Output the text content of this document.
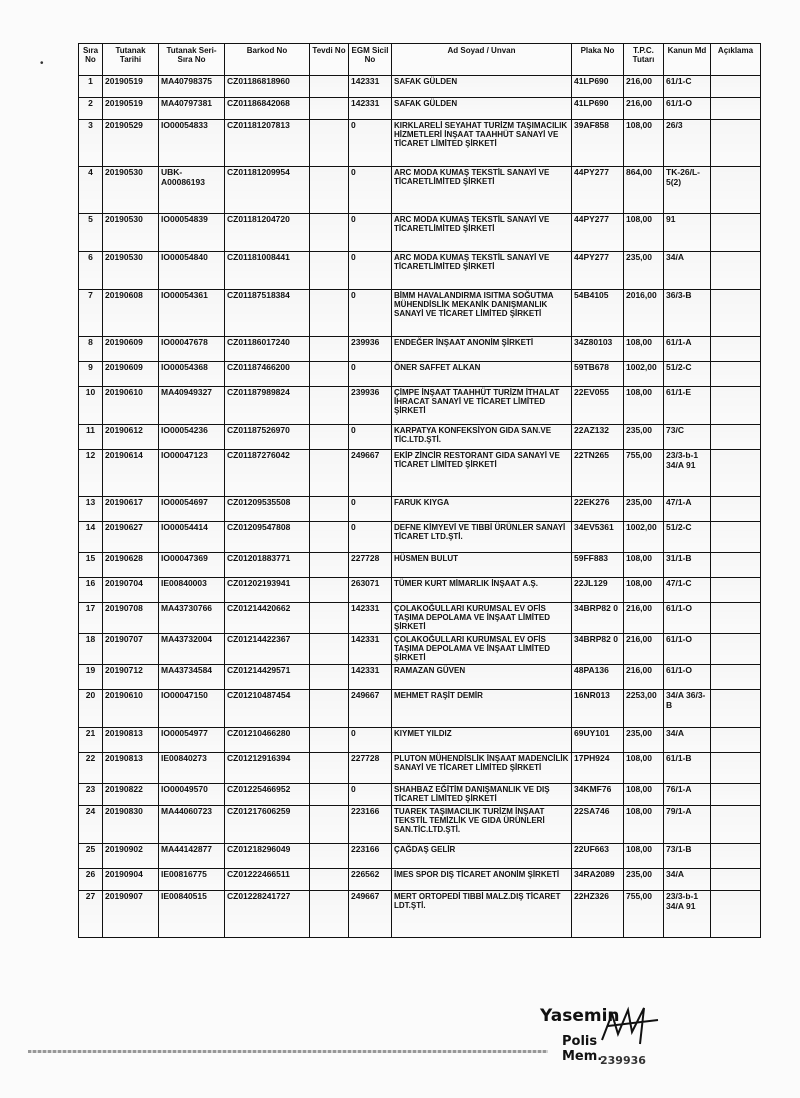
•
Sıra No	Tutanak Tarihi	Tutanak Seri-Sıra No	Barkod No	Tevdi No	EGM Sicil No	Ad Soyad / Unvan	Plaka No	T.P.C. Tutarı	Kanun Md	Açıklama
1	20190519	MA40798375	CZ01186818960		142331	SAFAK GÜLDEN	41LP690	216,00	61/1-C	
2	20190519	MA40797381	CZ01186842068		142331	SAFAK GÜLDEN	41LP690	216,00	61/1-O	
3	20190529	IO00054833	CZ01181207813		0	KIRKLARELİ SEYAHAT TURİZM TAŞIMACILIK HİZMETLERİ İNŞAAT TAAHHÜT SANAYİ VE TİCARET LİMİTED ŞİRKETİ	39AF858	108,00	26/3	
4	20190530	UBK-A00086193	CZ01181209954		0	ARC MODA KUMAŞ TEKSTİL SANAYİ VE TİCARETLİMİTED ŞİRKETİ	44PY277	864,00	TK-26/L-5(2)	
5	20190530	IO00054839	CZ01181204720		0	ARC MODA KUMAŞ TEKSTİL SANAYİ VE TİCARETLİMİTED ŞİRKETİ	44PY277	108,00	91	
6	20190530	IO00054840	CZ01181008441		0	ARC MODA KUMAŞ TEKSTİL SANAYİ VE TİCARETLİMİTED ŞİRKETİ	44PY277	235,00	34/A	
7	20190608	IO00054361	CZ01187518384		0	BİMM HAVALANDIRMA ISITMA SOĞUTMA MÜHENDİSLİK MEKANİK DANIŞMANLIK SANAYİ VE TİCARET LİMİTED ŞİRKETİ	54B4105	2016,00	36/3-B	
8	20190609	IO00047678	CZ01186017240		239936	ENDEĞER İNŞAAT ANONİM ŞİRKETİ	34Z80103	108,00	61/1-A	
9	20190609	IO00054368	CZ01187466200		0	ÖNER SAFFET ALKAN	59TB678	1002,00	51/2-C	
10	20190610	MA40949327	CZ01187989824		239936	ÇİMPE İNŞAAT TAAHHÜT TURİZM İTHALAT İHRACAT SANAYİ VE TİCARET LİMİTED ŞİRKETİ	22EV055	108,00	61/1-E	
11	20190612	IO00054236	CZ01187526970		0	KARPATYA KONFEKSİYON GIDA SAN.VE TİC.LTD.ŞTİ.	22AZ132	235,00	73/C	
12	20190614	IO00047123	CZ01187276042		249667	EKİP ZİNCİR RESTORANT GIDA SANAYİ VE TİCARET LİMİTED ŞİRKETİ	22TN265	755,00	23/3-b-1 34/A 91	
13	20190617	IO00054697	CZ01209535508		0	FARUK KIYGA	22EK276	235,00	47/1-A	
14	20190627	IO00054414	CZ01209547808		0	DEFNE KİMYEVİ VE TIBBİ ÜRÜNLER SANAYİ TİCARET LTD.ŞTİ.	34EV5361	1002,00	51/2-C	
15	20190628	IO00047369	CZ01201883771		227728	HÜSMEN BULUT	59FF883	108,00	31/1-B	
16	20190704	IE00840003	CZ01202193941		263071	TÜMER KURT MİMARLIK İNŞAAT A.Ş.	22JL129	108,00	47/1-C	
17	20190708	MA43730766	CZ01214420662		142331	ÇOLAKOĞULLARI KURUMSAL EV OFİS TAŞIMA DEPOLAMA VE İNŞAAT LİMİTED ŞİRKETİ	34BRP82 0	216,00	61/1-O	
18	20190707	MA43732004	CZ01214422367		142331	ÇOLAKOĞULLARI KURUMSAL EV OFİS TAŞIMA DEPOLAMA VE İNŞAAT LİMİTED ŞİRKETİ	34BRP82 0	216,00	61/1-O	
19	20190712	MA43734584	CZ01214429571		142331	RAMAZAN GÜVEN	48PA136	216,00	61/1-O	
20	20190610	IO00047150	CZ01210487454		249667	MEHMET RAŞİT DEMİR	16NR013	2253,00	34/A 36/3-B	
21	20190813	IO00054977	CZ01210466280		0	KIYMET YILDIZ	69UY101	235,00	34/A	
22	20190813	IE00840273	CZ01212916394		227728	PLUTON MÜHENDİSLİK İNŞAAT MADENCİLİK SANAYİ VE TİCARET LİMİTED ŞİRKETİ	17PH924	108,00	61/1-B	
23	20190822	IO00049570	CZ01225466952		0	SHAHBAZ EĞİTİM DANIŞMANLIK VE DIŞ TİCARET LİMİTED ŞİRKETİ	34KMF76	108,00	76/1-A	
24	20190830	MA44060723	CZ01217606259		223166	TUAREK TAŞIMACILIK TURİZM İNŞAAT TEKSTİL TEMİZLİK VE GIDA ÜRÜNLERİ SAN.TİC.LTD.ŞTİ.	22SA746	108,00	79/1-A	
25	20190902	MA44142877	CZ01218296049		223166	ÇAĞDAŞ GELİR	22UF663	108,00	73/1-B	
26	20190904	IE00816775	CZ01222466511		226562	İMES SPOR DIŞ TİCARET ANONİM ŞİRKETİ	34RA2089	235,00	34/A	
27	20190907	IE00840515	CZ01228241727		249667	MERT ORTOPEDİ TIBBİ MALZ.DIŞ TİCARET LDT.ŞTİ.	22HZ326	755,00	23/3-b-1 34/A 91	
Yasemin
Polis Mem.
239936
